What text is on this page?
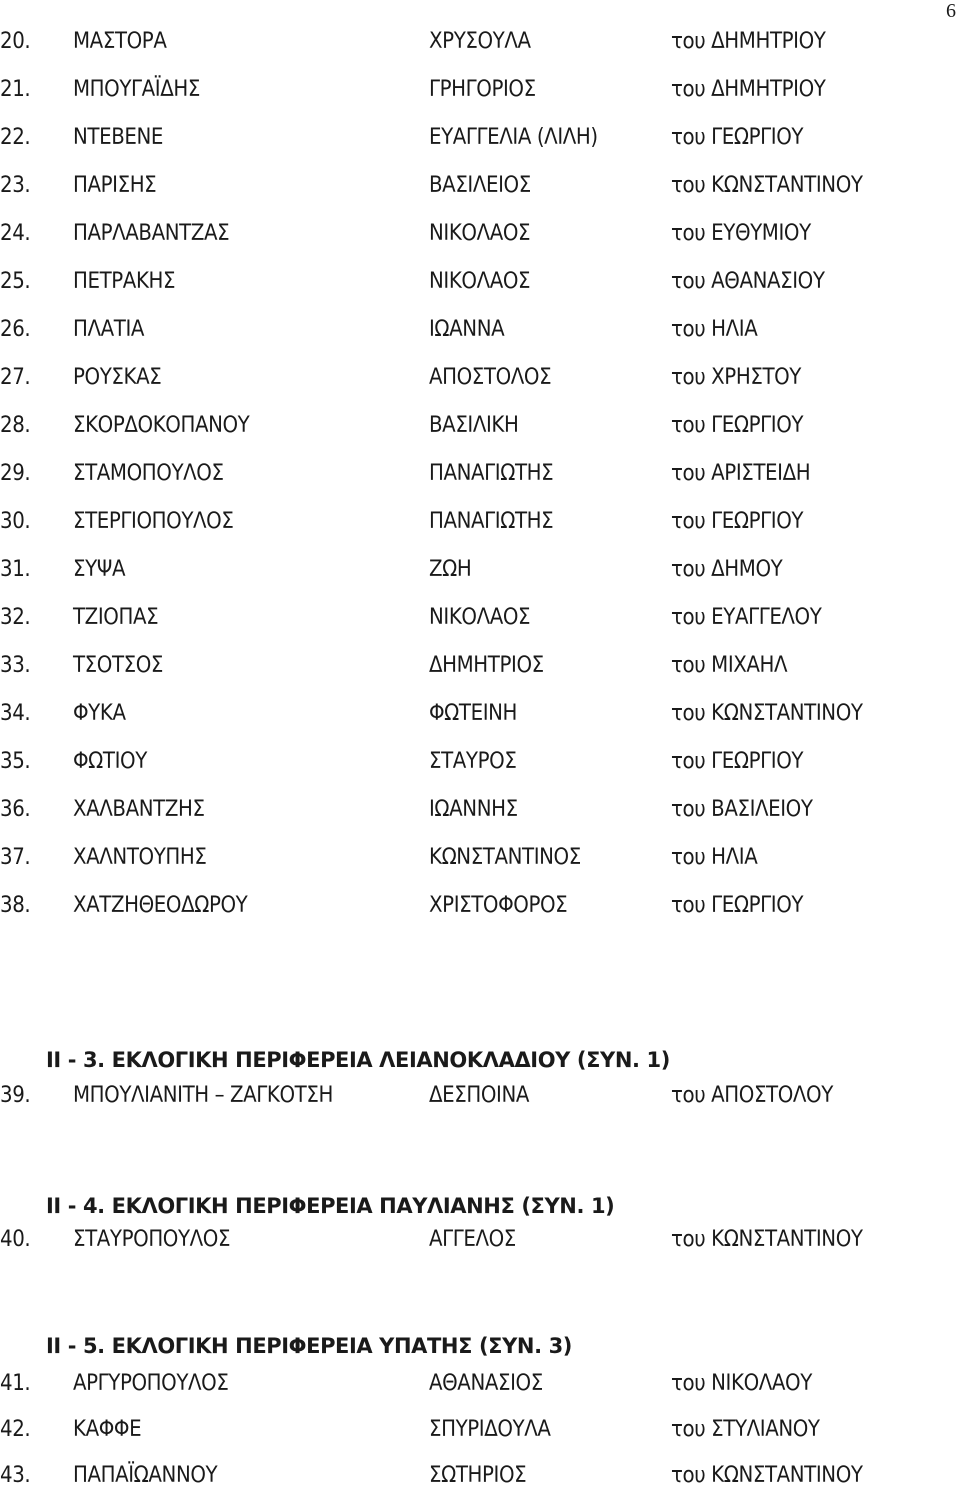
6
20. ΜΑΣΤΟΡΑ	ΧΡΥΣΟΥΛΑ	του ΔΗΜΗΤΡΙΟΥ
21. ΜΠΟΥΓΑΪΔΗΣ	ΓΡΗΓΟΡΙΟΣ	του ΔΗΜΗΤΡΙΟΥ
22. ΝΤΕΒΕΝΕ	ΕΥΑΓΓΕΛΙΑ (ΛΙΛΗ)	του ΓΕΩΡΓΙΟΥ
23. ΠΑΡΙΣΗΣ	ΒΑΣΙΛΕΙΟΣ	του ΚΩΝΣΤΑΝΤΙΝΟΥ
24. ΠΑΡΛΑΒΑΝΤΖΑΣ	ΝΙΚΟΛΑΟΣ	του ΕΥΘΥΜΙΟΥ
25. ΠΕΤΡΑΚΗΣ	ΝΙΚΟΛΑΟΣ	του ΑΘΑΝΑΣΙΟΥ
26. ΠΛΑΤΙΑ	ΙΩΑΝΝΑ	του ΗΛΙΑ
27. ΡΟΥΣΚΑΣ	ΑΠΟΣΤΟΛΟΣ	του ΧΡΗΣΤΟΥ
28. ΣΚΟΡΔΟΚΟΠΑΝΟΥ	ΒΑΣΙΛΙΚΗ	του ΓΕΩΡΓΙΟΥ
29. ΣΤΑΜΟΠΟΥΛΟΣ	ΠΑΝΑΓΙΩΤΗΣ	του ΑΡΙΣΤΕΙΔΗ
30. ΣΤΕΡΓΙΟΠΟΥΛΟΣ	ΠΑΝΑΓΙΩΤΗΣ	του ΓΕΩΡΓΙΟΥ
31. ΣΥΨΑ	ΖΩΗ	του ΔΗΜΟΥ
32. ΤΖΙΟΠΑΣ	ΝΙΚΟΛΑΟΣ	του ΕΥΑΓΓΕΛΟΥ
33. ΤΣΟΤΣΟΣ	ΔΗΜΗΤΡΙΟΣ	του ΜΙΧΑΗΛ
34. ΦΥΚΑ	ΦΩΤΕΙΝΗ	του ΚΩΝΣΤΑΝΤΙΝΟΥ
35. ΦΩΤΙΟΥ	ΣΤΑΥΡΟΣ	του ΓΕΩΡΓΙΟΥ
36. ΧΑΛΒΑΝΤΖΗΣ	ΙΩΑΝΝΗΣ	του ΒΑΣΙΛΕΙΟΥ
37. ΧΑΛΝΤΟΥΠΗΣ	ΚΩΝΣΤΑΝΤΙΝΟΣ	του ΗΛΙΑ
38. ΧΑΤΖΗΘΕΟΔΩΡΟΥ	ΧΡΙΣΤΟΦΟΡΟΣ	του ΓΕΩΡΓΙΟΥ
ΙΙ - 3. ΕΚΛΟΓΙΚΗ ΠΕΡΙΦΕΡΕΙΑ ΛΕΙΑΝΟΚΛΑΔΙΟΥ (ΣΥΝ. 1)
39. ΜΠΟΥΛΙΑΝΙΤΗ – ΖΑΓΚΟΤΣΗ	ΔΕΣΠΟΙΝΑ	του ΑΠΟΣΤΟΛΟΥ
ΙΙ - 4. ΕΚΛΟΓΙΚΗ ΠΕΡΙΦΕΡΕΙΑ ΠΑΥΛΙΑΝΗΣ (ΣΥΝ. 1)
40. ΣΤΑΥΡΟΠΟΥΛΟΣ	ΑΓΓΕΛΟΣ	του ΚΩΝΣΤΑΝΤΙΝΟΥ
ΙΙ - 5. ΕΚΛΟΓΙΚΗ ΠΕΡΙΦΕΡΕΙΑ ΥΠΑΤΗΣ (ΣΥΝ. 3)
41. ΑΡΓΥΡΟΠΟΥΛΟΣ	ΑΘΑΝΑΣΙΟΣ	του ΝΙΚΟΛΑΟΥ
42. ΚΑΦΦΕ	ΣΠΥΡΙΔΟΥΛΑ	του ΣΤΥΛΙΑΝΟΥ
43. ΠΑΠΑΪΩΑΝΝΟΥ	ΣΩΤΗΡΙΟΣ	του ΚΩΝΣΤΑΝΤΙΝΟΥ
